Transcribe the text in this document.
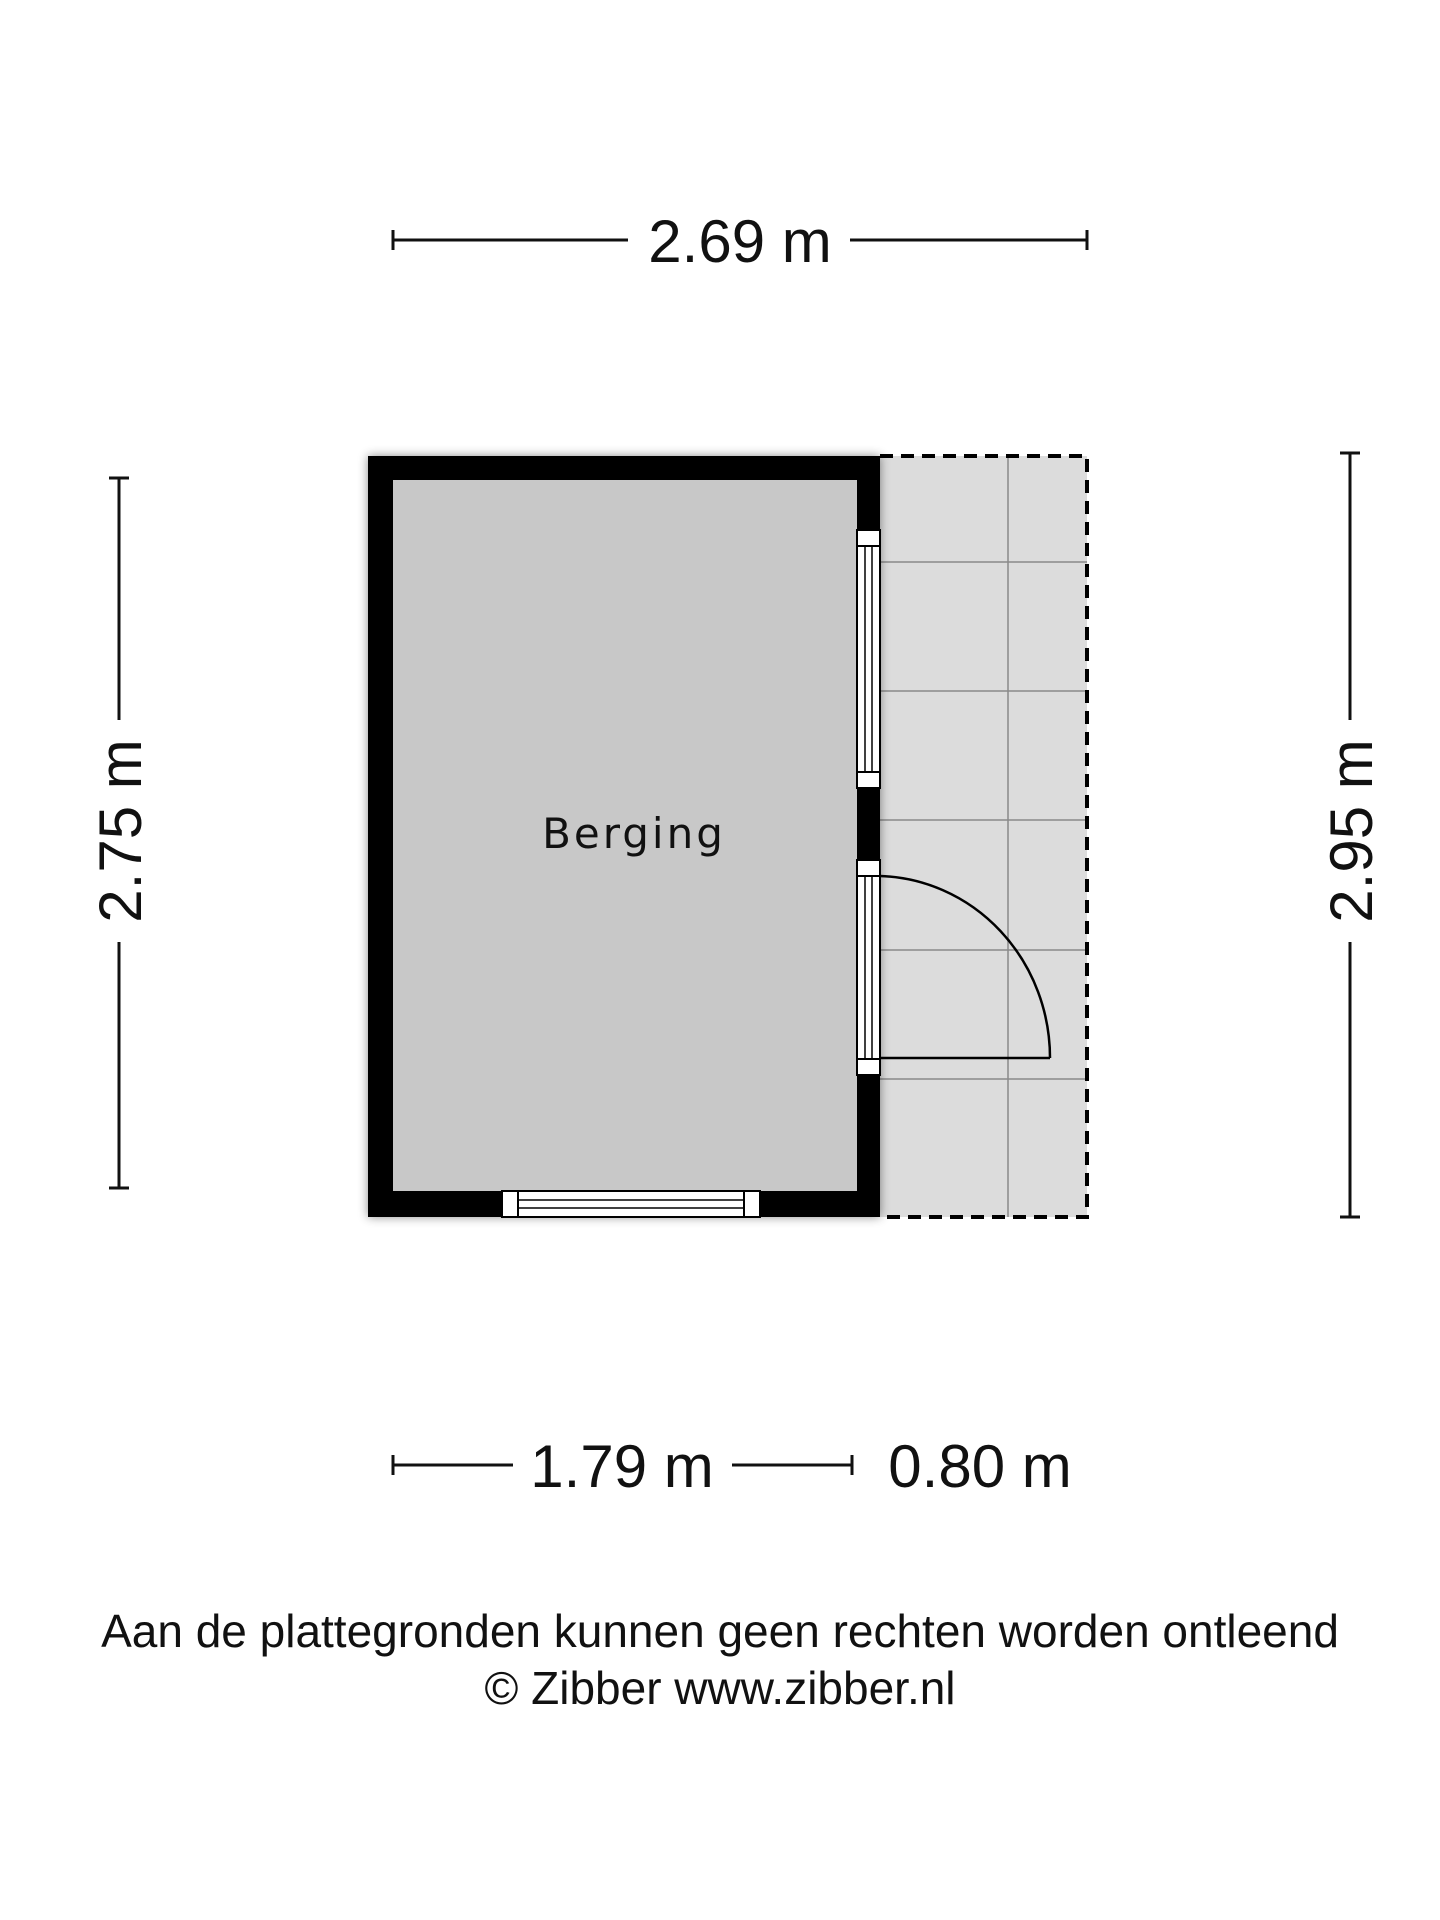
2.69 m
2.75 m	2.95 m
Berging
1.79 m	0.80 m
Aan de plattegronden kunnen geen rechten worden ontleend
© Zibber www.zibber.nl
